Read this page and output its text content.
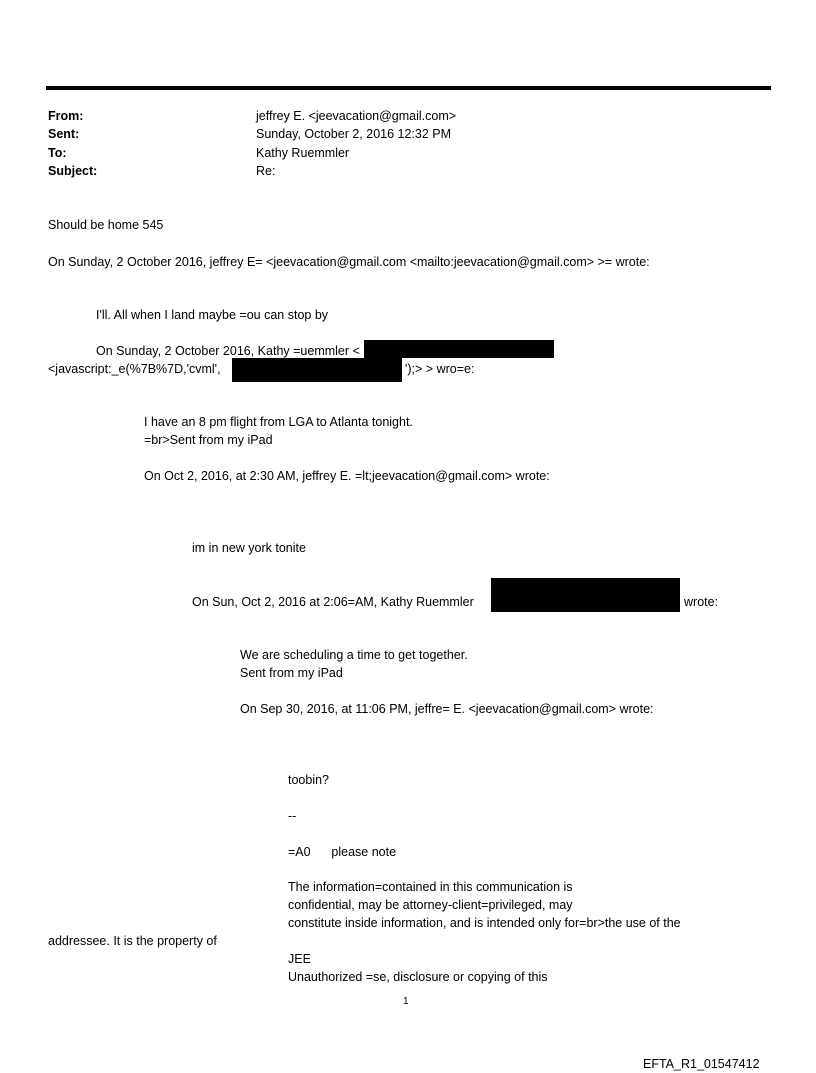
From:	jeffrey E. <jeevacation@gmail.com>
Sent:	Sunday, October 2, 2016 12:32 PM
To:	Kathy Ruemmler
Subject:	Re:
Should be home 545
On Sunday, 2 October 2016, jeffrey E= <jeevacation@gmail.com <mailto:jeevacation@gmail.com> >= wrote:
I'll. All when I land maybe =ou can stop by
On Sunday, 2 October 2016, Kathy =uemmler <
<javascript:_e(%7B%7D,'cvml',	');> > wro=e:
I have an 8 pm flight from LGA to Atlanta tonight.
=br>Sent from my iPad
On Oct 2, 2016, at 2:30 AM, jeffrey E. =lt;jeevacation@gmail.com> wrote:
im in new york tonite
On Sun, Oct 2, 2016 at 2:06=AM, Kathy Ruemmler	wrote:
We are scheduling a time to get together.
Sent from my iPad
On Sep 30, 2016, at 11:06 PM, jeffre= E. <jeevacation@gmail.com> wrote:
toobin?
--
=A0      please note
The information=contained in this communication is
confidential, may be attorney-client=privileged, may
constitute inside information, and is intended only for=br>the use of the
addressee. It is the property of
JEE
Unauthorized =se, disclosure or copying of this
1
EFTA_R1_01547412
